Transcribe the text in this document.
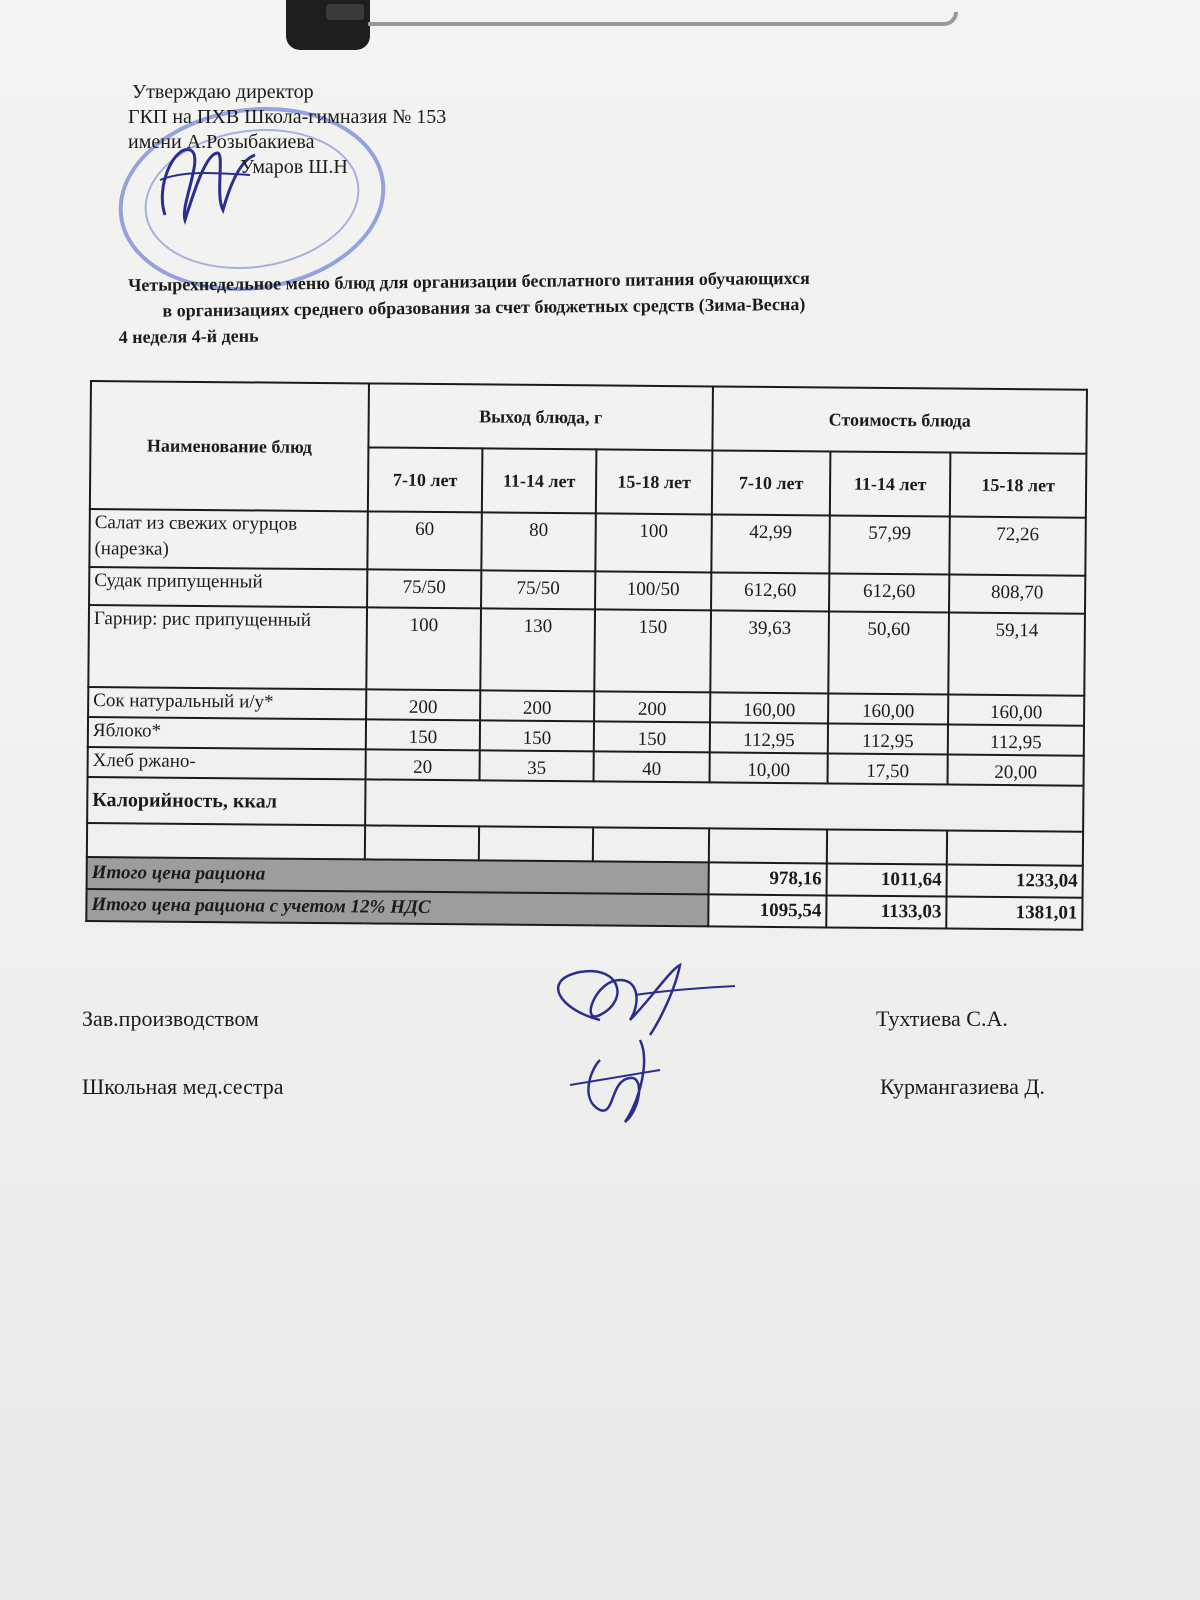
Утверждаю директор
ГКП на ПХВ Школа-гимназия № 153
имени А.Розыбакиева
Умаров Ш.Н
Четырехнедельное меню блюд для организации бесплатного питания обучающихся
в организациях среднего образования за счет бюджетных средств (Зима-Весна)
4 неделя 4-й день
Наименование блюд	Выход блюда, г			Стоимость блюда		
	7-10 лет	11-14 лет	15-18 лет	7-10 лет	11-14 лет	15-18 лет
Салат из свежих огурцов (нарезка)	60	80	100	42,99	57,99	72,26
Судак припущенный	75/50	75/50	100/50	612,60	612,60	808,70
Гарнир: рис припущенный	100	130	150	39,63	50,60	59,14
Сок натуральный и/у*	200	200	200	160,00	160,00	160,00
Яблоко*	150	150	150	112,95	112,95	112,95
Хлеб ржано-	20	35	40	10,00	17,50	20,00
Калорийность, ккал						

Итого цена рациона				978,16	1011,64	1233,04
Итого цена рациона с учетом 12% НДС				1095,54	1133,03	1381,01
Зав.производством	Тухтиева С.А.
Школьная мед.сестра	Курмангазиева Д.
